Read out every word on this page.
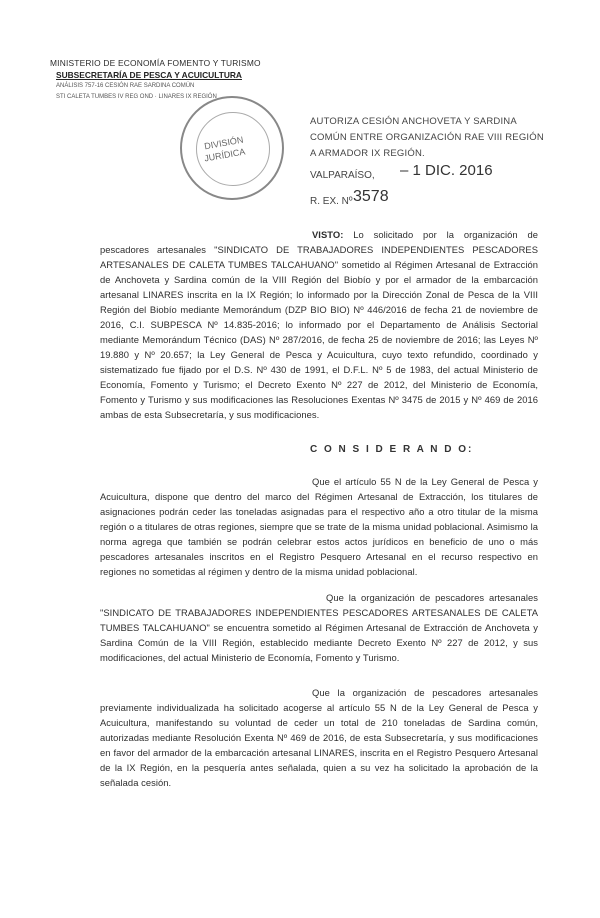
MINISTERIO DE ECONOMÍA FOMENTO Y TURISMO
SUBSECRETARÍA DE PESCA Y ACUICULTURA
ANÁLISIS 757-16 CESIÓN RAE SARDINA COMÚN
STI CALETA TUMBES IV REG OND · LINARES IX REGIÓN
DIVISIÓN
JURÍDICA
AUTORIZA CESIÓN ANCHOVETA Y SARDINA COMÚN ENTRE ORGANIZACIÓN RAE VIII REGIÓN A ARMADOR IX REGIÓN.
VALPARAÍSO, – 1 DIC. 2016
R. EX. Nº 3578
VISTO: Lo solicitado por la organización de pescadores artesanales "SINDICATO DE TRABAJADORES INDEPENDIENTES PESCADORES ARTESANALES DE CALETA TUMBES TALCAHUANO" sometido al Régimen Artesanal de Extracción de Anchoveta y Sardina común de la VIII Región del Biobío y por el armador de la embarcación artesanal LINARES inscrita en la IX Región; lo informado por la Dirección Zonal de Pesca de la VIII Región del Biobío mediante Memorándum (DZP BIO BIO) Nº 446/2016 de fecha 21 de noviembre de 2016, C.I. SUBPESCA Nº 14.835-2016; lo informado por el Departamento de Análisis Sectorial mediante Memorándum Técnico (DAS) Nº 287/2016, de fecha 25 de noviembre de 2016; las Leyes Nº 19.880 y Nº 20.657; la Ley General de Pesca y Acuicultura, cuyo texto refundido, coordinado y sistematizado fue fijado por el D.S. Nº 430 de 1991, el D.F.L. Nº 5 de 1983, del actual Ministerio de Economía, Fomento y Turismo; el Decreto Exento Nº 227 de 2012, del Ministerio de Economía, Fomento y Turismo y sus modificaciones las Resoluciones Exentas Nº 3475 de 2015 y Nº 469 de 2016 ambas de esta Subsecretaría, y sus modificaciones.
C O N S I D E R A N D O:
Que el artículo 55 N de la Ley General de Pesca y Acuicultura, dispone que dentro del marco del Régimen Artesanal de Extracción, los titulares de asignaciones podrán ceder las toneladas asignadas para el respectivo año a otro titular de la misma región o a titulares de otras regiones, siempre que se trate de la misma unidad poblacional. Asimismo la norma agrega que también se podrán celebrar estos actos jurídicos en beneficio de uno o más pescadores artesanales inscritos en el Registro Pesquero Artesanal en el recurso respectivo en regiones no sometidas al régimen y dentro de la misma unidad poblacional.
Que la organización de pescadores artesanales "SINDICATO DE TRABAJADORES INDEPENDIENTES PESCADORES ARTESANALES DE CALETA TUMBES TALCAHUANO" se encuentra sometido al Régimen Artesanal de Extracción de Anchoveta y Sardina Común de la VIII Región, establecido mediante Decreto Exento Nº 227 de 2012, y sus modificaciones, del actual Ministerio de Economía, Fomento y Turismo.
Que la organización de pescadores artesanales previamente individualizada ha solicitado acogerse al artículo 55 N de la Ley General de Pesca y Acuicultura, manifestando su voluntad de ceder un total de 210 toneladas de Sardina común, autorizadas mediante Resolución Exenta Nº 469 de 2016, de esta Subsecretaría, y sus modificaciones en favor del armador de la embarcación artesanal LINARES, inscrita en el Registro Pesquero Artesanal de la IX Región, en la pesquería antes señalada, quien a su vez ha solicitado la aprobación de la señalada cesión.
